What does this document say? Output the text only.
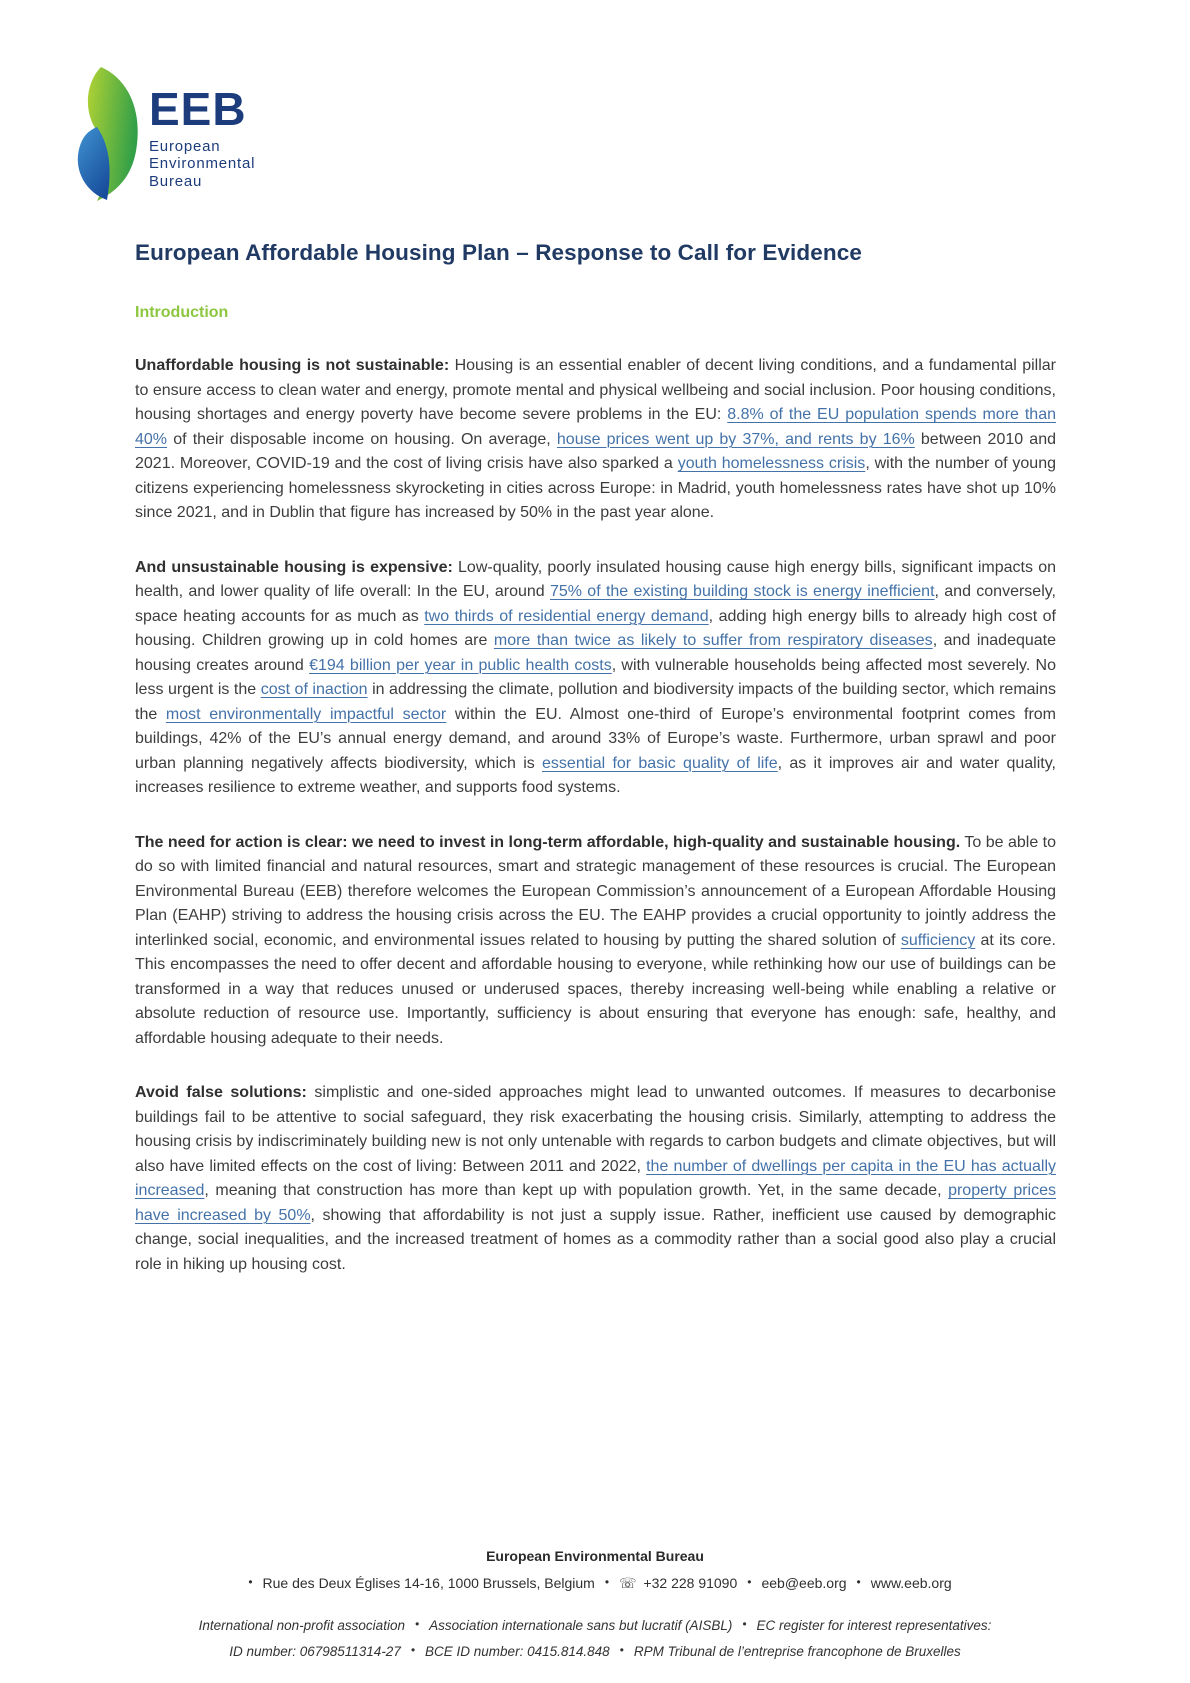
EEB
European
Environmental
Bureau
European Affordable Housing Plan – Response to Call for Evidence
Introduction

Unaffordable housing is not sustainable: Housing is an essential enabler of decent living conditions, and a fundamental pillar to ensure access to clean water and energy, promote mental and physical wellbeing and social inclusion. Poor housing conditions, housing shortages and energy poverty have become severe problems in the EU: 8.8% of the EU population spends more than 40% of their disposable income on housing. On average, house prices went up by 37%, and rents by 16% between 2010 and 2021. Moreover, COVID-19 and the cost of living crisis have also sparked a youth homelessness crisis, with the number of young citizens experiencing homelessness skyrocketing in cities across Europe: in Madrid, youth homelessness rates have shot up 10% since 2021, and in Dublin that figure has increased by 50% in the past year alone.

And unsustainable housing is expensive: Low-quality, poorly insulated housing cause high energy bills, significant impacts on health, and lower quality of life overall: In the EU, around 75% of the existing building stock is energy inefficient, and conversely, space heating accounts for as much as two thirds of residential energy demand, adding high energy bills to already high cost of housing. Children growing up in cold homes are more than twice as likely to suffer from respiratory diseases, and inadequate housing creates around €194 billion per year in public health costs, with vulnerable households being affected most severely. No less urgent is the cost of inaction in addressing the climate, pollution and biodiversity impacts of the building sector, which remains the most environmentally impactful sector within the EU. Almost one-third of Europe’s environmental footprint comes from buildings, 42% of the EU’s annual energy demand, and around 33% of Europe’s waste. Furthermore, urban sprawl and poor urban planning negatively affects biodiversity, which is essential for basic quality of life, as it improves air and water quality, increases resilience to extreme weather, and supports food systems.

The need for action is clear: we need to invest in long-term affordable, high-quality and sustainable housing. To be able to do so with limited financial and natural resources, smart and strategic management of these resources is crucial. The European Environmental Bureau (EEB) therefore welcomes the European Commission’s announcement of a European Affordable Housing Plan (EAHP) striving to address the housing crisis across the EU. The EAHP provides a crucial opportunity to jointly address the interlinked social, economic, and environmental issues related to housing by putting the shared solution of sufficiency at its core. This encompasses the need to offer decent and affordable housing to everyone, while rethinking how our use of buildings can be transformed in a way that reduces unused or underused spaces, thereby increasing well-being while enabling a relative or absolute reduction of resource use. Importantly, sufficiency is about ensuring that everyone has enough: safe, healthy, and affordable housing adequate to their needs.

Avoid false solutions: simplistic and one-sided approaches might lead to unwanted outcomes. If measures to decarbonise buildings fail to be attentive to social safeguard, they risk exacerbating the housing crisis. Similarly, attempting to address the housing crisis by indiscriminately building new is not only untenable with regards to carbon budgets and climate objectives, but will also have limited effects on the cost of living: Between 2011 and 2022, the number of dwellings per capita in the EU has actually increased, meaning that construction has more than kept up with population growth. Yet, in the same decade, property prices have increased by 50%, showing that affordability is not just a supply issue. Rather, inefficient use caused by demographic change, social inequalities, and the increased treatment of homes as a commodity rather than a social good also play a crucial role in hiking up housing cost.

European Environmental Bureau
• Rue des Deux Églises 14-16, 1000 Brussels, Belgium • ☏ +32 228 91090 • eeb@eeb.org • www.eeb.org
International non-profit association • Association internationale sans but lucratif (AISBL) • EC register for interest representatives:
ID number: 06798511314-27 • BCE ID number: 0415.814.848 • RPM Tribunal de l’entreprise francophone de Bruxelles
